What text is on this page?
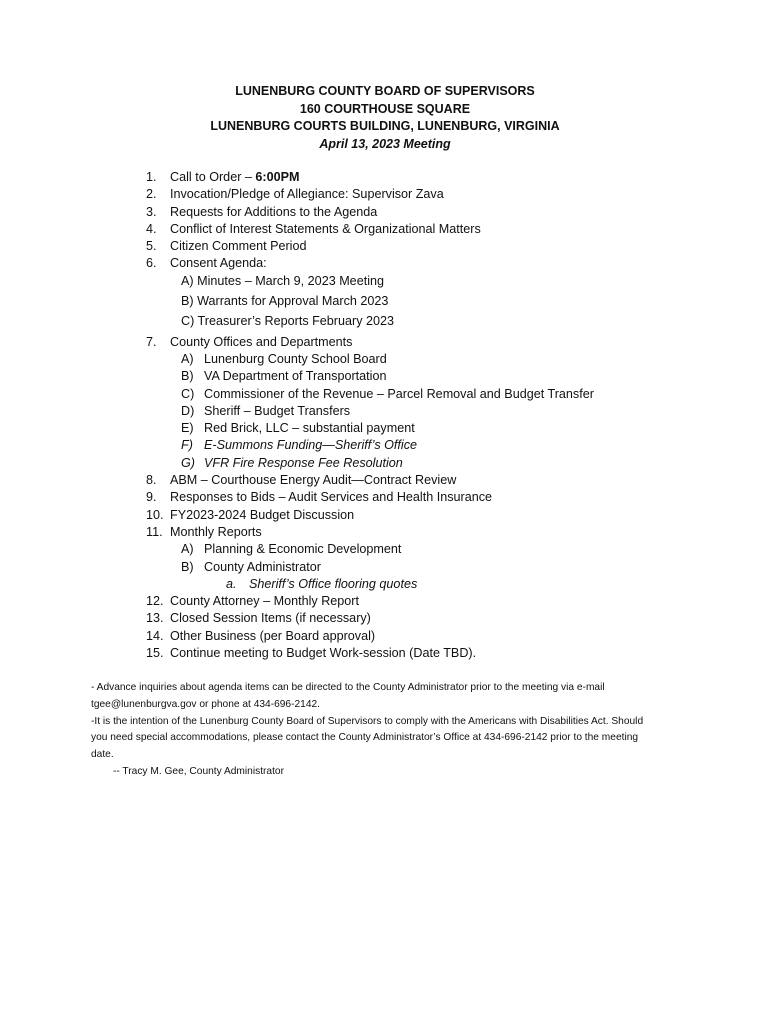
LUNENBURG COUNTY BOARD OF SUPERVISORS
160 COURTHOUSE SQUARE
LUNENBURG COURTS BUILDING, LUNENBURG, VIRGINIA
April 13, 2023 Meeting
1. Call to Order – 6:00PM
2. Invocation/Pledge of Allegiance: Supervisor Zava
3. Requests for Additions to the Agenda
4. Conflict of Interest Statements & Organizational Matters
5. Citizen Comment Period
6. Consent Agenda:
A) Minutes – March 9, 2023 Meeting
B) Warrants for Approval March 2023
C) Treasurer’s Reports February 2023
7. County Offices and Departments
A) Lunenburg County School Board
B) VA Department of Transportation
C) Commissioner of the Revenue – Parcel Removal and Budget Transfer
D) Sheriff – Budget Transfers
E) Red Brick, LLC – substantial payment
F) E-Summons Funding—Sheriff’s Office
G) VFR Fire Response Fee Resolution
8. ABM – Courthouse Energy Audit—Contract Review
9. Responses to Bids – Audit Services and Health Insurance
10. FY2023-2024 Budget Discussion
11. Monthly Reports
A) Planning & Economic Development
B) County Administrator
a. Sheriff’s Office flooring quotes
12. County Attorney – Monthly Report
13. Closed Session Items (if necessary)
14. Other Business (per Board approval)
15. Continue meeting to Budget Work-session (Date TBD).

- Advance inquiries about agenda items can be directed to the County Administrator prior to the meeting via e-mail

tgee@lunenburgva.gov or phone at 434-696-2142.

-It is the intention of the Lunenburg County Board of Supervisors to comply with the Americans with Disabilities Act. Should

you need special accommodations, please contact the County Administrator’s Office at 434-696-2142 prior to the meeting

date.

-- Tracy M. Gee, County Administrator
